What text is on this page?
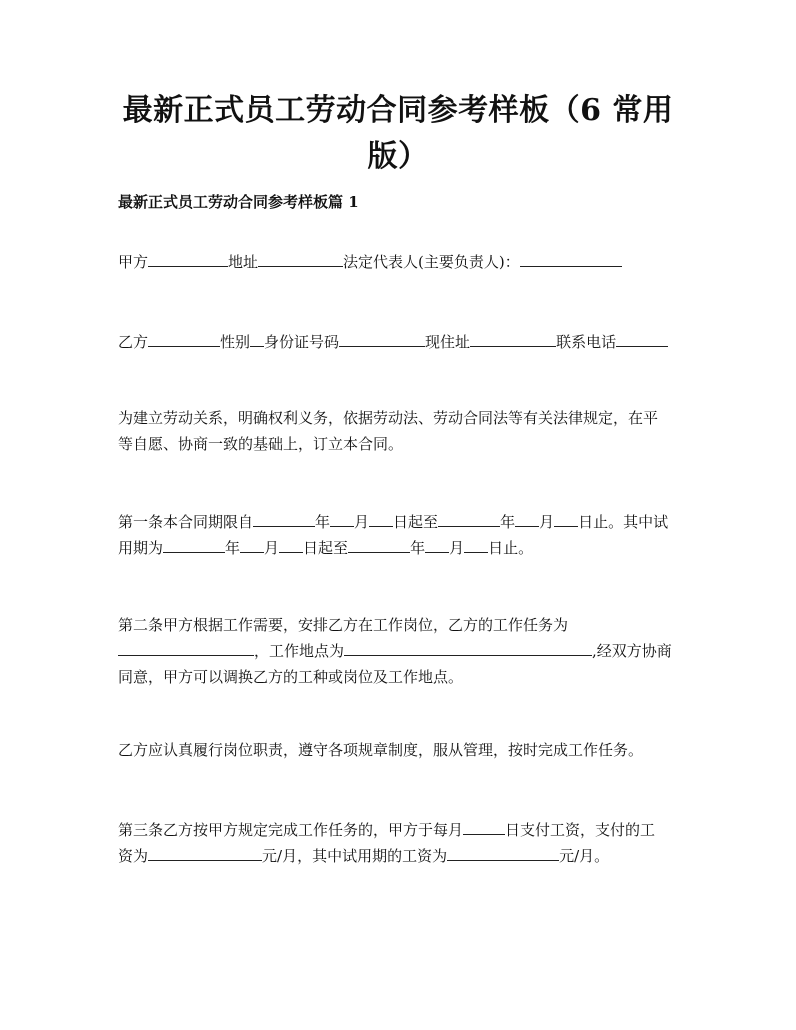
最新正式员工劳动合同参考样板（6 常用
版）
最新正式员工劳动合同参考样板篇 1
甲方	地址	法定代表人(主要负责人)：
乙方	性别 身份证号码	现住址	联系电话
为建立劳动关系，明确权利义务，依据劳动法、劳动合同法等有关法律规定，在平
等自愿、协商一致的基础上，订立本合同。
第一条本合同期限自	年 月 日起至	年 月 日止。其中试
用期为	年 月 日起至	年 月 日止。
第二条甲方根据工作需要，安排乙方在工作岗位，乙方的工作任务为
，工作地点为	,经双方协商
同意，甲方可以调换乙方的工种或岗位及工作地点。
乙方应认真履行岗位职责，遵守各项规章制度，服从管理，按时完成工作任务。
第三条乙方按甲方规定完成工作任务的，甲方于每月	日支付工资，支付的工
资为	元/月，其中试用期的工资为	元/月。
